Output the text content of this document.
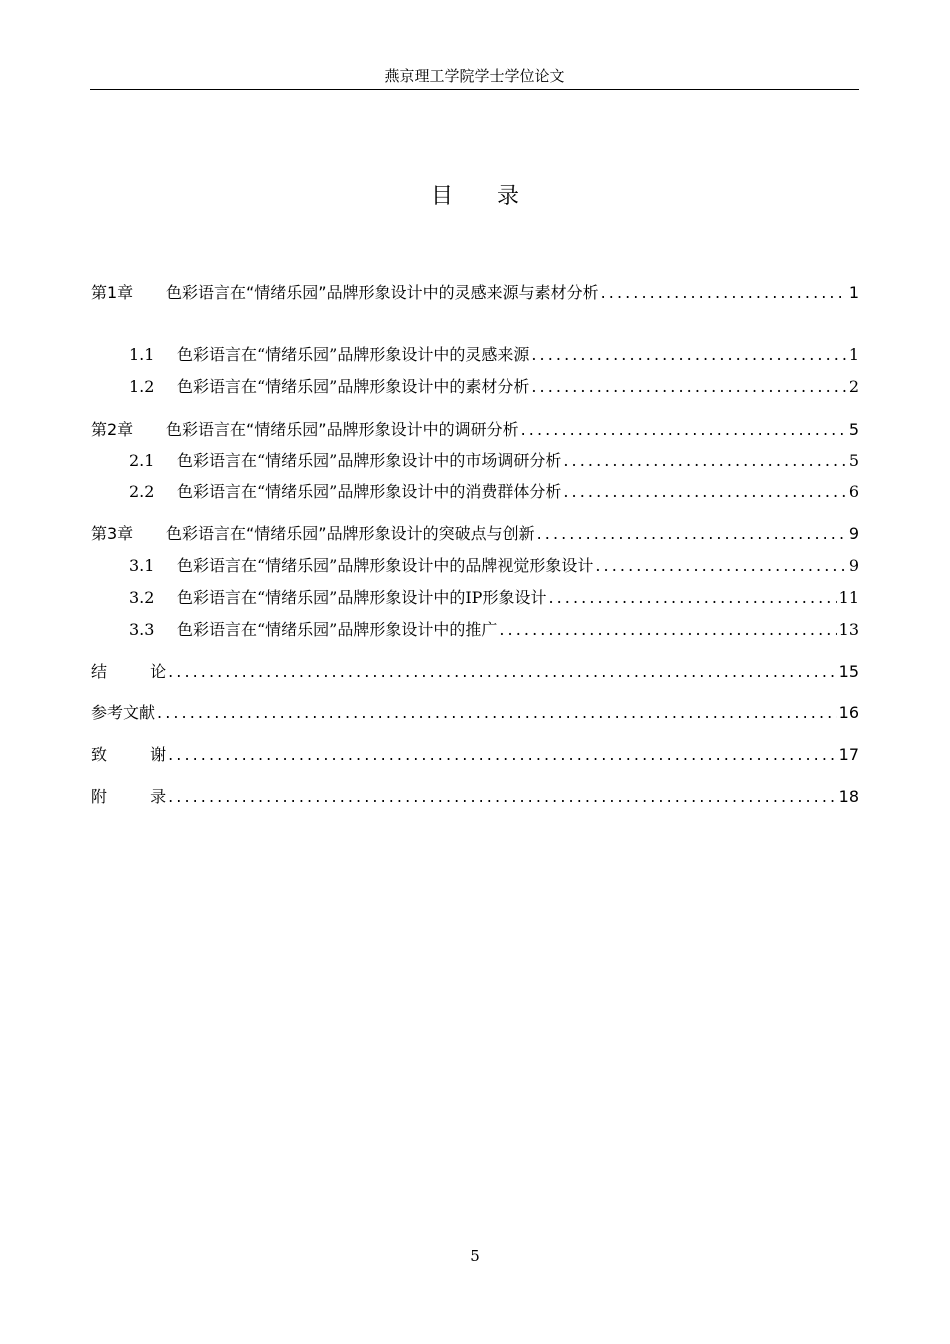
燕京理工学院学士学位论文
目录
第1章	色彩语言在“情绪乐园”品牌形象设计中的灵感来源与素材分析 . . .	1
1.1	色彩语言在“情绪乐园”品牌形象设计中的灵感来源 . . .	1
1.2	色彩语言在“情绪乐园”品牌形象设计中的素材分析 . . .	2
第2章	色彩语言在“情绪乐园”品牌形象设计中的调研分析 . . .	5
2.1	色彩语言在“情绪乐园”品牌形象设计中的市场调研分析 . . .	5
2.2	色彩语言在“情绪乐园”品牌形象设计中的消费群体分析 . . .	6
第3章	色彩语言在“情绪乐园”品牌形象设计的突破点与创新 . . .	9
3.1	色彩语言在“情绪乐园”品牌形象设计中的品牌视觉形象设计 . . .	9
3.2	色彩语言在“情绪乐园”品牌形象设计中的IP形象设计 . . .	11
3.3	色彩语言在“情绪乐园”品牌形象设计中的推广 . . .	13
结 论 . . .	15
参考文献 . . .	16
致 谢 . . .	17
附 录 . . .	18
5
